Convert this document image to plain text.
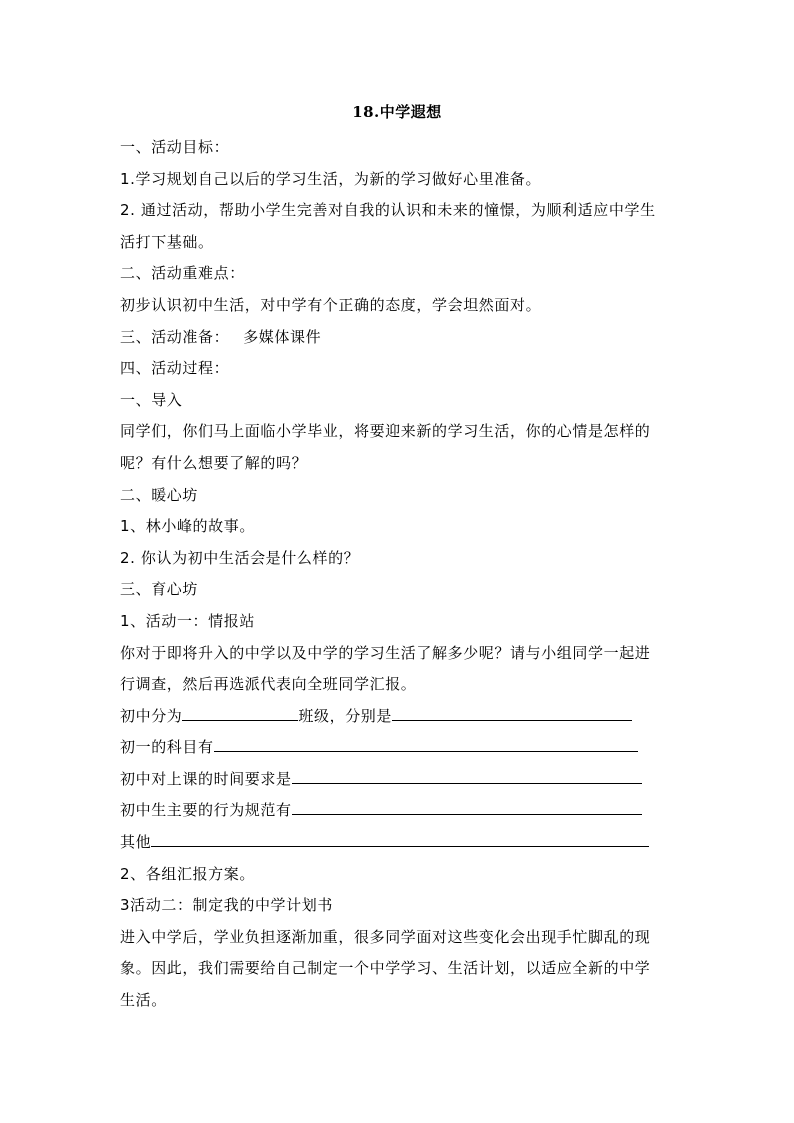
18.中学遐想
一、活动目标：
1.学习规划自己以后的学习生活，为新的学习做好心里准备。
2. 通过活动，帮助小学生完善对自我的认识和未来的憧憬，为顺利适应中学生活打下基础。
二、活动重难点：
初步认识初中生活，对中学有个正确的态度，学会坦然面对。
三、活动准备： 多媒体课件
四、活动过程：
一、导入
同学们，你们马上面临小学毕业，将要迎来新的学习生活，你的心情是怎样的呢？有什么想要了解的吗？
二、暖心坊
1、林小峰的故事。
2. 你认为初中生活会是什么样的？
三、育心坊
1、活动一：情报站
你对于即将升入的中学以及中学的学习生活了解多少呢？请与小组同学一起进行调查，然后再选派代表向全班同学汇报。
初中分为	班级，分别是
初一的科目有
初中对上课的时间要求是
初中生主要的行为规范有
其他
2、各组汇报方案。
3活动二：制定我的中学计划书
进入中学后，学业负担逐渐加重，很多同学面对这些变化会出现手忙脚乱的现象。因此，我们需要给自己制定一个中学学习、生活计划，以适应全新的中学生活。
